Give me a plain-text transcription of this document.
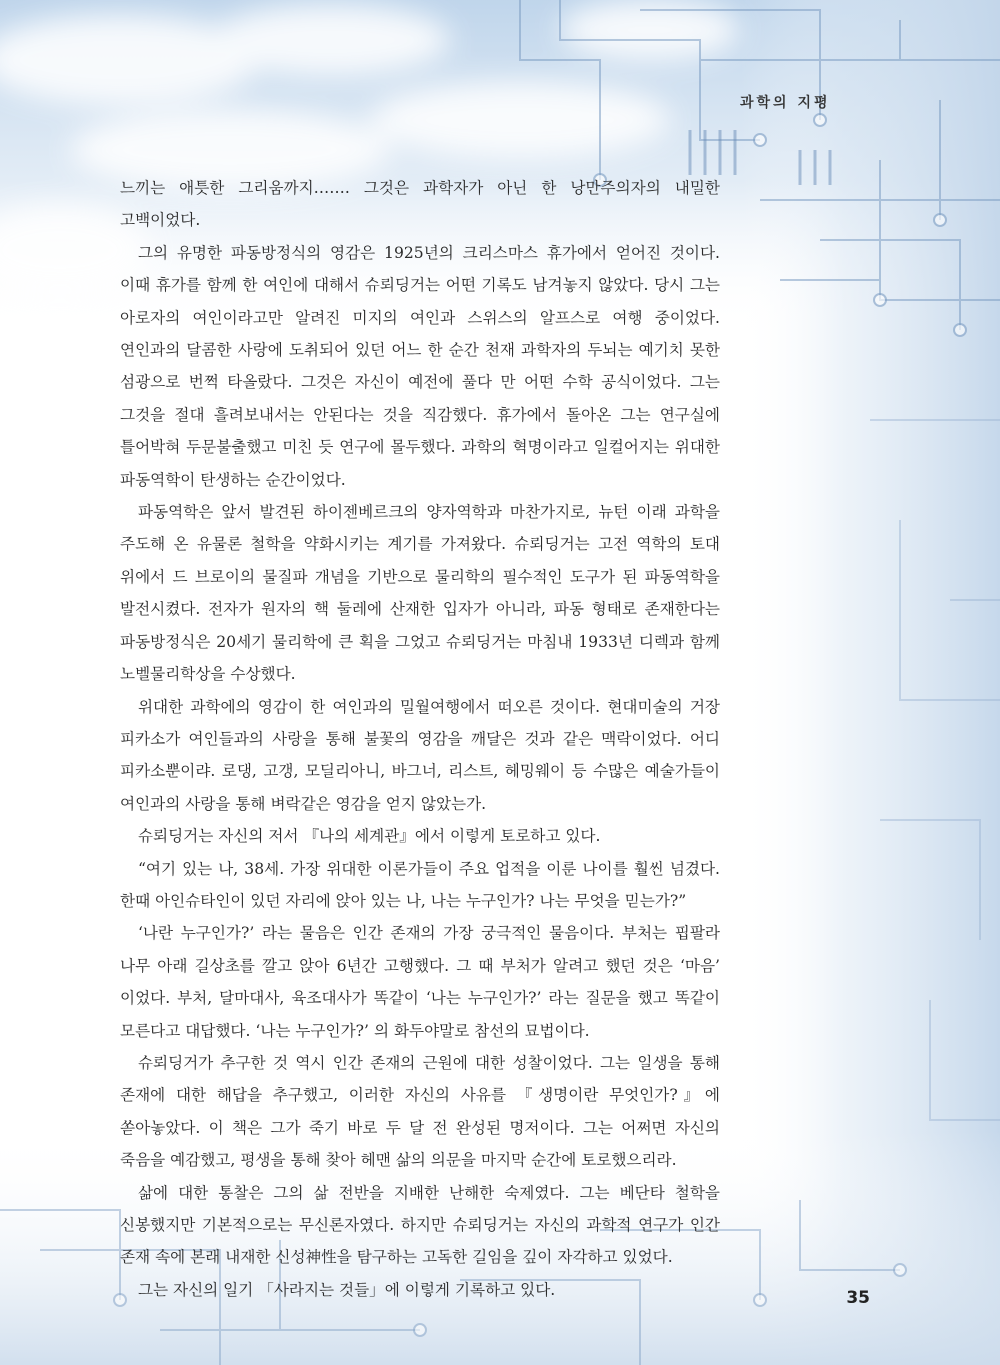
과학의 지평

느끼는 애틋한 그리움까지……. 그것은 과학자가 아닌 한 낭만주의자의 내밀한 고백이었다.

그의 유명한 파동방정식의 영감은 1925년의 크리스마스 휴가에서 얻어진 것이다. 이때 휴가를 함께 한 여인에 대해서 슈뢰딩거는 어떤 기록도 남겨놓지 않았다. 당시 그는 아로자의 여인이라고만 알려진 미지의 여인과 스위스의 알프스로 여행 중이었다. 연인과의 달콤한 사랑에 도취되어 있던 어느 한 순간 천재 과학자의 두뇌는 예기치 못한 섬광으로 번쩍 타올랐다. 그것은 자신이 예전에 풀다 만 어떤 수학 공식이었다. 그는 그것을 절대 흘려보내서는 안된다는 것을 직감했다. 휴가에서 돌아온 그는 연구실에 틀어박혀 두문불출했고 미친 듯 연구에 몰두했다. 과학의 혁명이라고 일컬어지는 위대한 파동역학이 탄생하는 순간이었다.

파동역학은 앞서 발견된 하이젠베르크의 양자역학과 마찬가지로, 뉴턴 이래 과학을 주도해 온 유물론 철학을 약화시키는 계기를 가져왔다. 슈뢰딩거는 고전 역학의 토대 위에서 드 브로이의 물질파 개념을 기반으로 물리학의 필수적인 도구가 된 파동역학을 발전시켰다. 전자가 원자의 핵 둘레에 산재한 입자가 아니라, 파동 형태로 존재한다는 파동방정식은 20세기 물리학에 큰 획을 그었고 슈뢰딩거는 마침내 1933년 디렉과 함께 노벨물리학상을 수상했다.

위대한 과학에의 영감이 한 여인과의 밀월여행에서 떠오른 것이다. 현대미술의 거장 피카소가 여인들과의 사랑을 통해 불꽃의 영감을 깨달은 것과 같은 맥락이었다. 어디 피카소뿐이랴. 로댕, 고갱, 모딜리아니, 바그너, 리스트, 헤밍웨이 등 수많은 예술가들이 여인과의 사랑을 통해 벼락같은 영감을 얻지 않았는가.

슈뢰딩거는 자신의 저서 『나의 세계관』에서 이렇게 토로하고 있다.

“여기 있는 나, 38세. 가장 위대한 이론가들이 주요 업적을 이룬 나이를 훨씬 넘겼다. 한때 아인슈타인이 있던 자리에 앉아 있는 나, 나는 누구인가? 나는 무엇을 믿는가?”

‘나란 누구인가?’ 라는 물음은 인간 존재의 가장 궁극적인 물음이다. 부처는 핍팔라 나무 아래 길상초를 깔고 앉아 6년간 고행했다. 그 때 부처가 알려고 했던 것은 ‘마음’ 이었다. 부처, 달마대사, 육조대사가 똑같이 ‘나는 누구인가?’ 라는 질문을 했고 똑같이 모른다고 대답했다. ‘나는 누구인가?’ 의 화두야말로 참선의 묘법이다.

슈뢰딩거가 추구한 것 역시 인간 존재의 근원에 대한 성찰이었다. 그는 일생을 통해 존재에 대한 해답을 추구했고, 이러한 자신의 사유를 『생명이란 무엇인가?』에 쏟아놓았다. 이 책은 그가 죽기 바로 두 달 전 완성된 명저이다. 그는 어쩌면 자신의 죽음을 예감했고, 평생을 통해 찾아 헤맨 삶의 의문을 마지막 순간에 토로했으리라.

삶에 대한 통찰은 그의 삶 전반을 지배한 난해한 숙제였다. 그는 베단타 철학을 신봉했지만 기본적으로는 무신론자였다. 하지만 슈뢰딩거는 자신의 과학적 연구가 인간 존재 속에 본래 내재한 신성神性을 탐구하는 고독한 길임을 깊이 자각하고 있었다.

그는 자신의 일기 「사라지는 것들」에 이렇게 기록하고 있다.	35
